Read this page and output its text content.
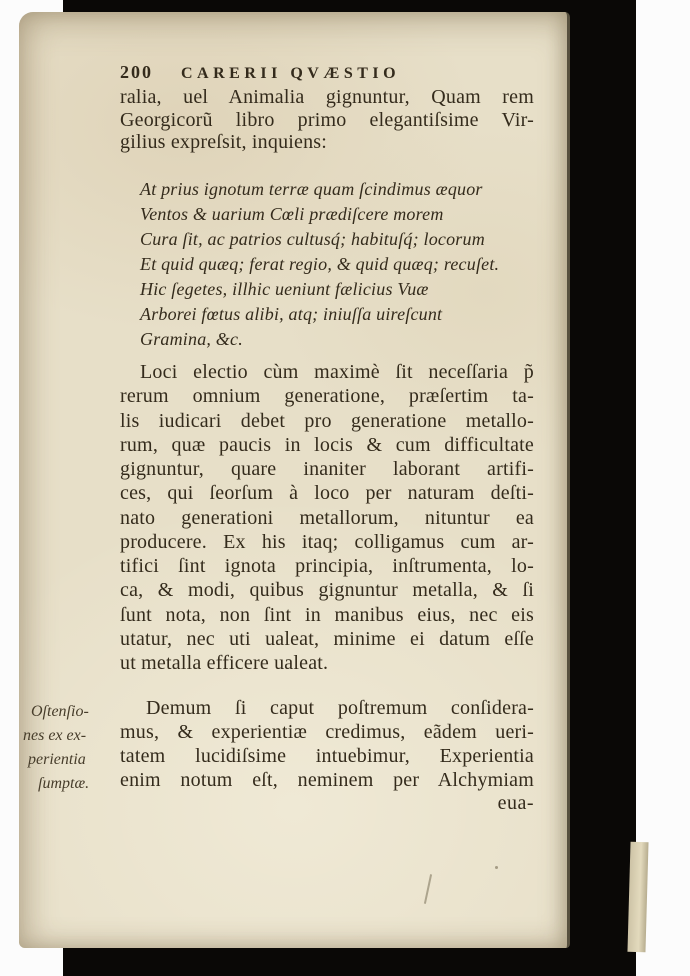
200 CARERII QVÆSTIO
ralia, uel Animalia gignuntur, Quam rem
Georgicorũ libro primo elegantiſsime Vir-
gilius expreſsit, inquiens:
At prius ignotum terræ quam ſcindimus æquor
Ventos & uarium Cœli prædiſcere morem
Cura ſit, ac patrios cultusq́; habituſq́; locorum
Et quid quæq; ferat regio, & quid quæq; recuſet.
Hic ſegetes, illhic ueniunt fælicius Vuæ
Arborei fœtus alibi, atq; iniuſſa uireſcunt
Gramina, &c.
Loci electio cùm maximè ſit neceſſaria p̃
rerum omnium generatione, præſertim ta-
lis iudicari debet pro generatione metallo-
rum, quæ paucis in locis & cum difficultate
gignuntur, quare inaniter laborant artifi-
ces, qui ſeorſum à loco per naturam deſti-
nato generationi metallorum, nituntur ea
producere. Ex his itaq; colligamus cum ar-
tifici ſint ignota principia, inſtrumenta, lo-
ca, & modi, quibus gignuntur metalla, & ſi
ſunt nota, non ſint in manibus eius, nec eis
utatur, nec uti ualeat, minime ei datum eſſe
ut metalla efficere ualeat.
Oſtenſio-
nes ex ex-
perientia
ſumptæ.
Demum ſi caput poſtremum conſidera-
mus, & experientiæ credimus, eãdem ueri-
tatem lucidiſsime intuebimur, Experientia
enim notum eſt, neminem per Alchymiam
eua-
